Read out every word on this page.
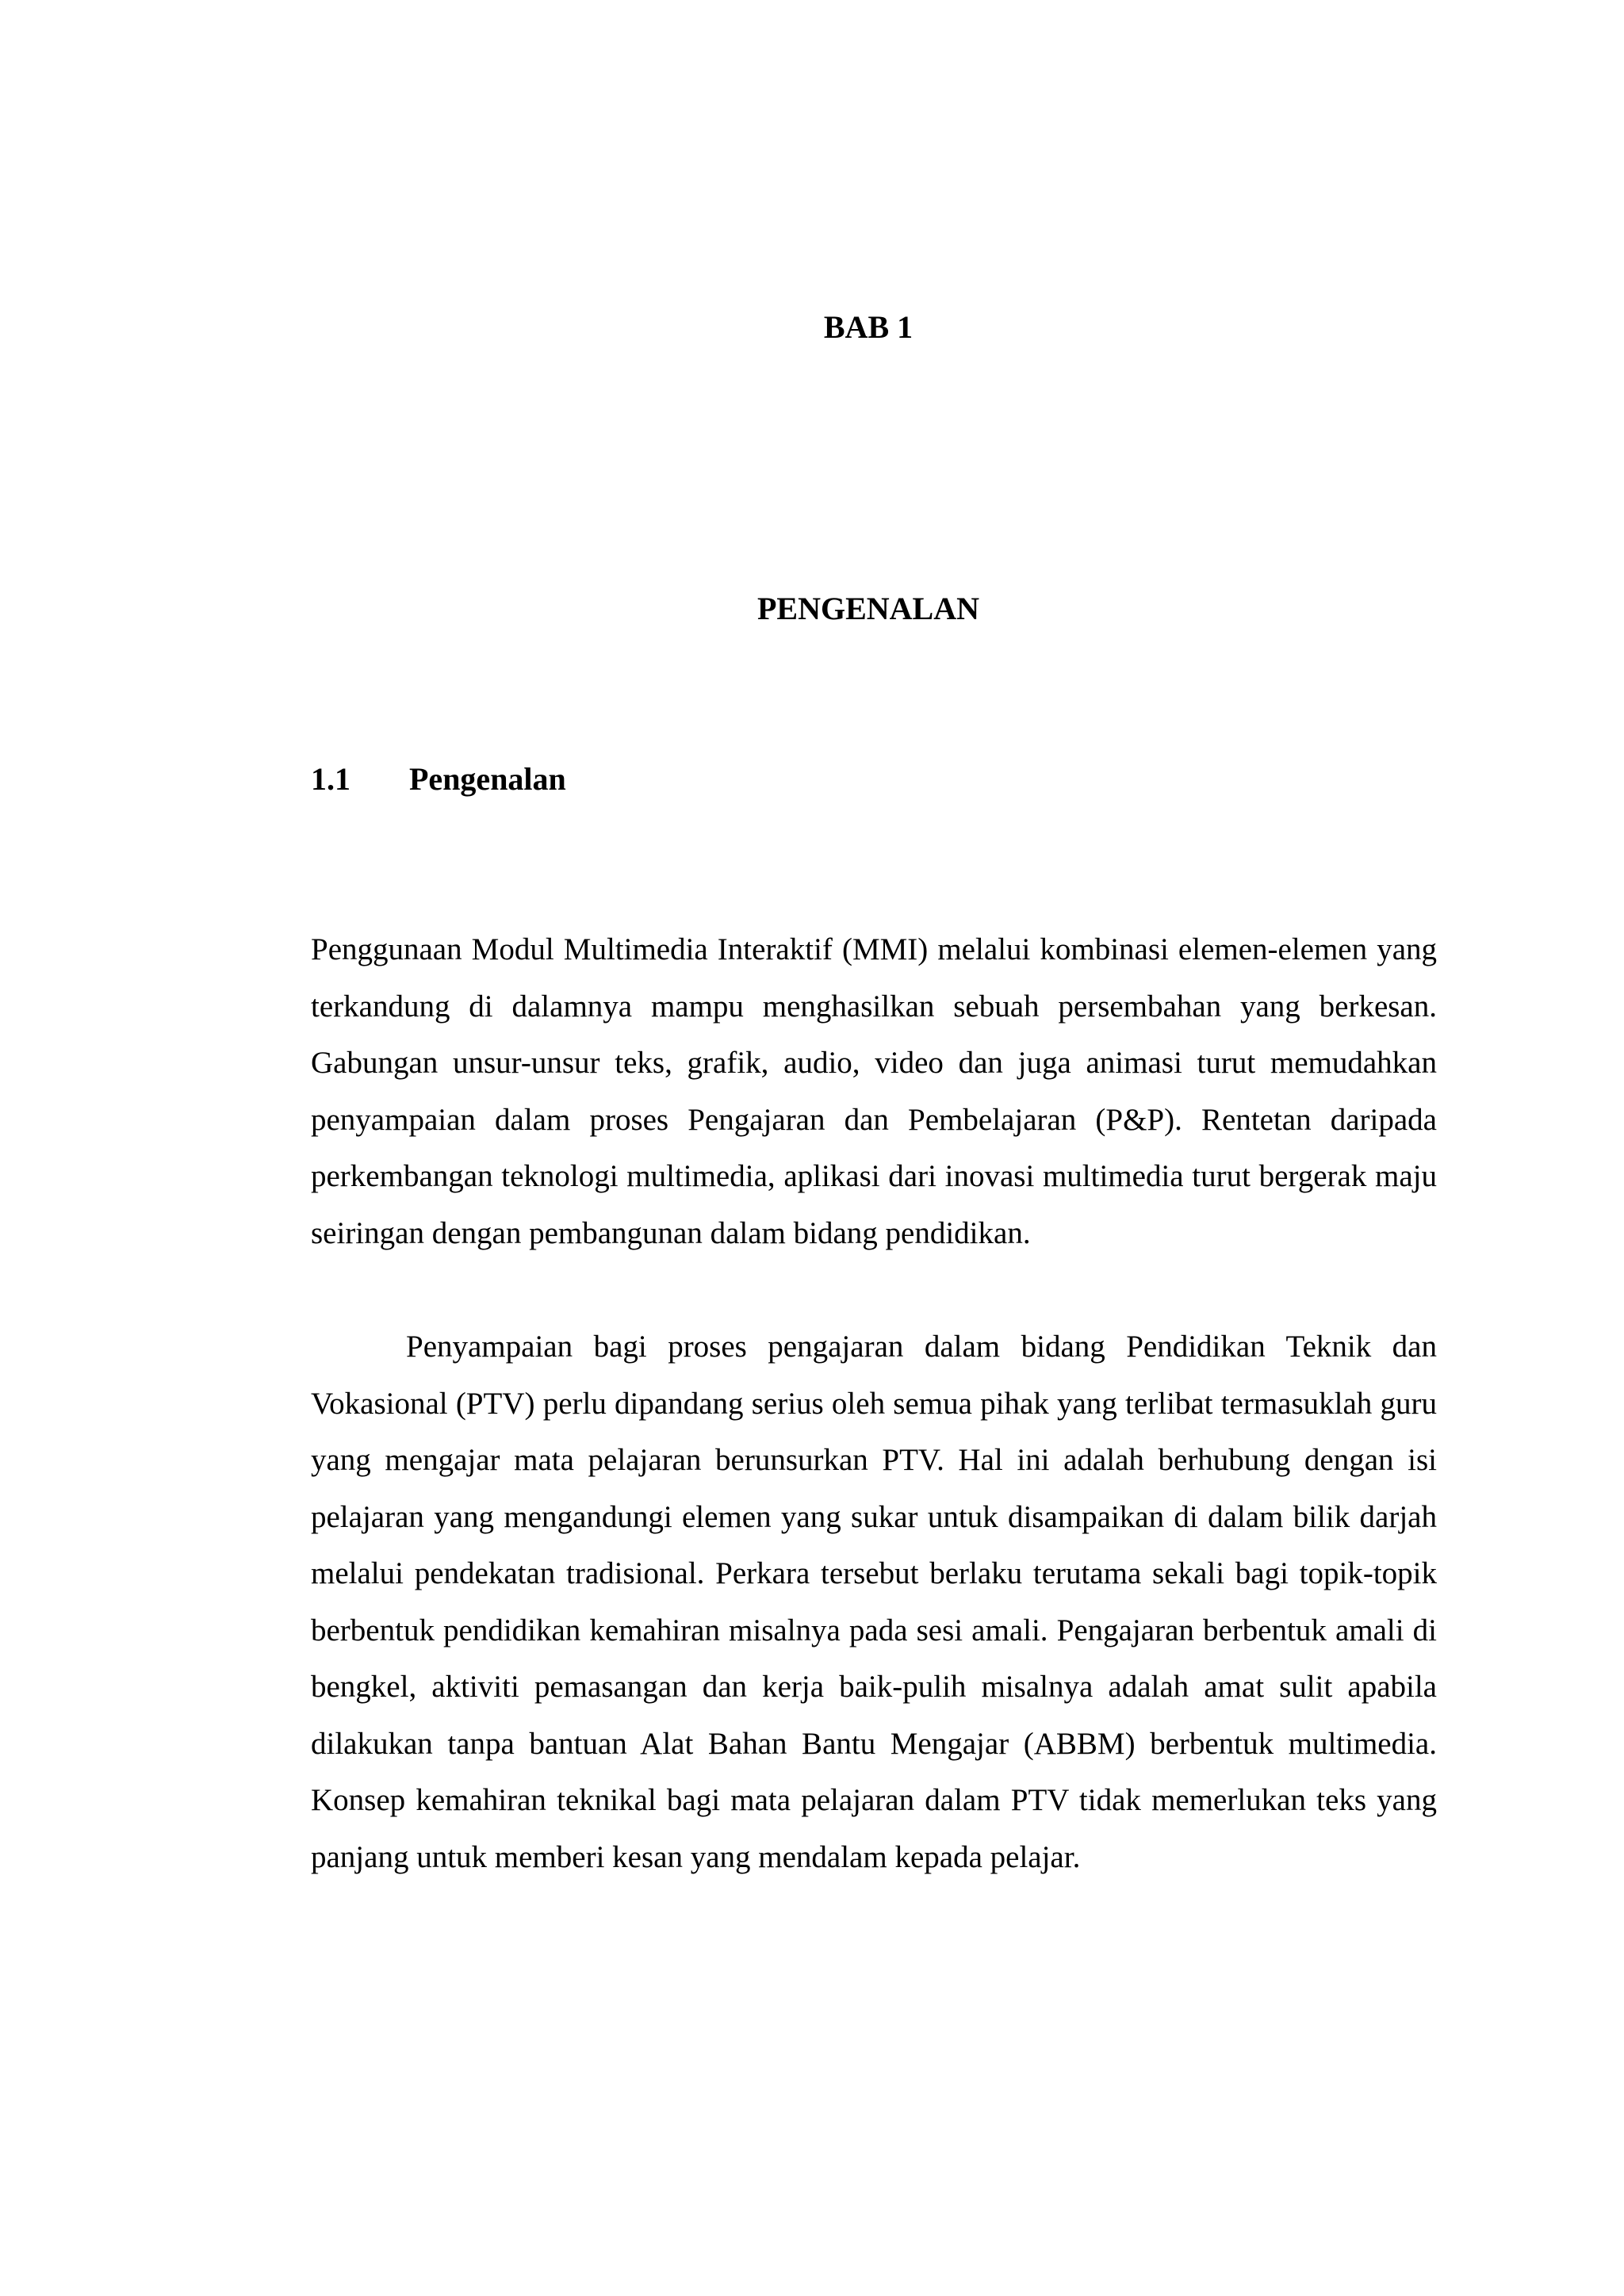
BAB 1
PENGENALAN
1.1 Pengenalan

Penggunaan Modul Multimedia Interaktif (MMI) melalui kombinasi elemen-elemen yang terkandung di dalamnya mampu menghasilkan sebuah persembahan yang berkesan. Gabungan unsur-unsur teks, grafik, audio, video dan juga animasi turut memudahkan penyampaian dalam proses Pengajaran dan Pembelajaran (P&P). Rentetan daripada perkembangan teknologi multimedia, aplikasi dari inovasi multimedia turut bergerak maju seiringan dengan pembangunan dalam bidang pendidikan.

Penyampaian bagi proses pengajaran dalam bidang Pendidikan Teknik dan Vokasional (PTV) perlu dipandang serius oleh semua pihak yang terlibat termasuklah guru yang mengajar mata pelajaran berunsurkan PTV. Hal ini adalah berhubung dengan isi pelajaran yang mengandungi elemen yang sukar untuk disampaikan di dalam bilik darjah melalui pendekatan tradisional. Perkara tersebut berlaku terutama sekali bagi topik-topik berbentuk pendidikan kemahiran misalnya pada sesi amali. Pengajaran berbentuk amali di bengkel, aktiviti pemasangan dan kerja baik-pulih misalnya adalah amat sulit apabila dilakukan tanpa bantuan Alat Bahan Bantu Mengajar (ABBM) berbentuk multimedia. Konsep kemahiran teknikal bagi mata pelajaran dalam PTV tidak memerlukan teks yang panjang untuk memberi kesan yang mendalam kepada pelajar.
